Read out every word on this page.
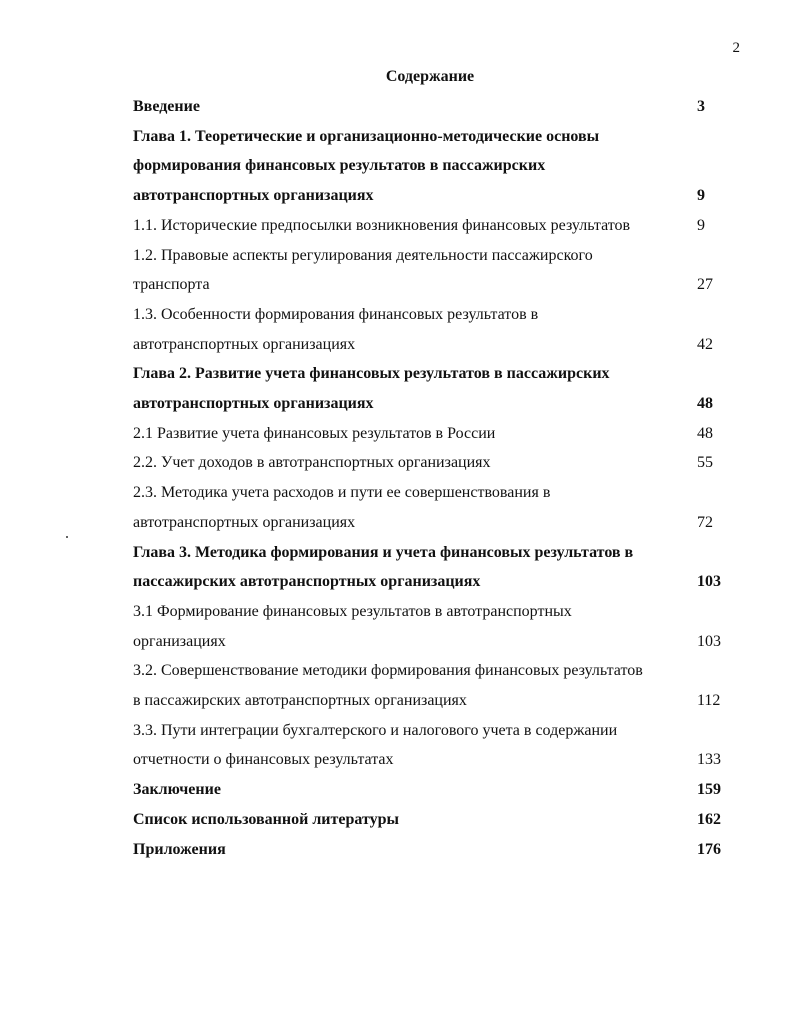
2
Содержание
Введение	3
Глава 1. Теоретические и организационно-методические основы
формирования финансовых результатов в пассажирских
автотранспортных организациях	9
1.1. Исторические предпосылки возникновения финансовых результатов	9
1.2. Правовые аспекты регулирования деятельности пассажирского
транспорта	27
1.3. Особенности формирования финансовых результатов в
автотранспортных организациях	42
Глава 2. Развитие учета финансовых результатов в пассажирских
автотранспортных организациях	48
2.1 Развитие учета финансовых результатов в России	48
2.2. Учет доходов в автотранспортных организациях	55
2.3. Методика учета расходов и пути ее совершенствования в
автотранспортных организациях	72
Глава 3. Методика формирования и учета финансовых результатов в
пассажирских автотранспортных организациях	103
3.1 Формирование финансовых результатов в автотранспортных
организациях	103
3.2. Совершенствование методики формирования финансовых результатов
в пассажирских автотранспортных организациях	112
3.3. Пути интеграции бухгалтерского и налогового учета в содержании
отчетности о финансовых результатах	133
Заключение	159
Список использованной литературы	162
Приложения	176
